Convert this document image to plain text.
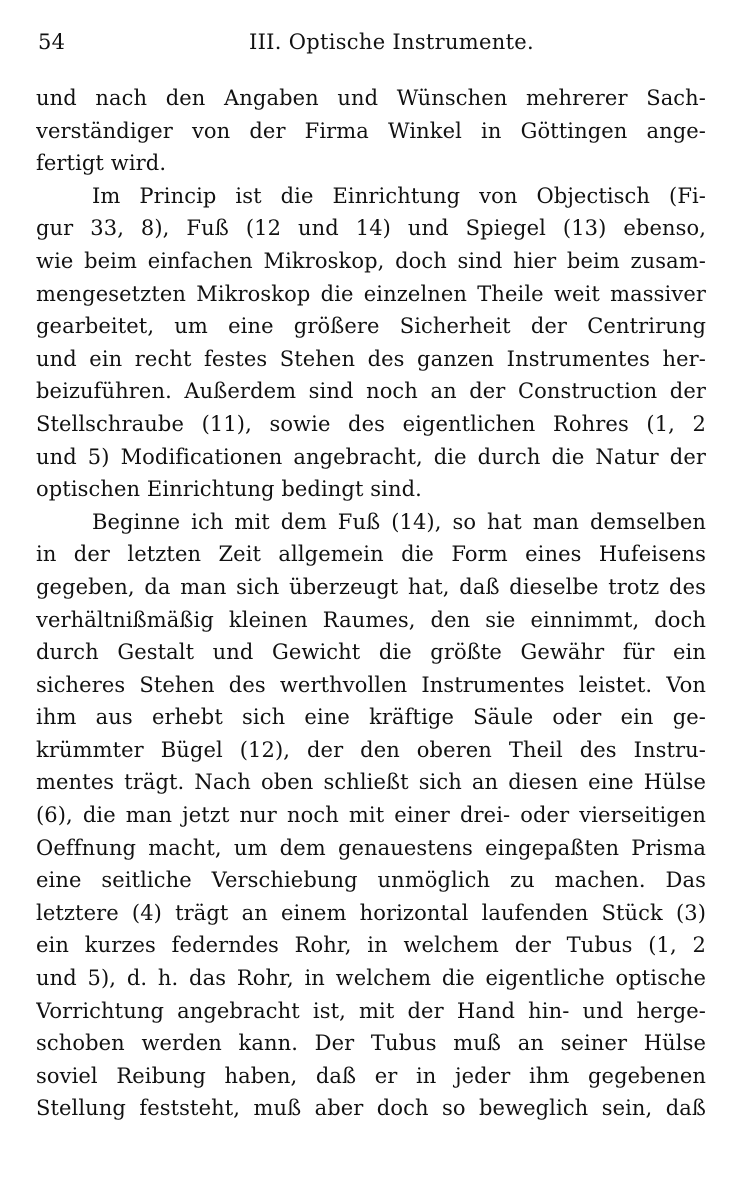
54	III. Optische Instrumente.
und nach den Angaben und Wünschen mehrerer Sach-
verständiger von der Firma Winkel in Göttingen ange-
fertigt wird.
Im Princip ist die Einrichtung von Objectisch (Fi-
gur 33, 8), Fuß (12 und 14) und Spiegel (13) ebenso,
wie beim einfachen Mikroskop, doch sind hier beim zusam-
mengesetzten Mikroskop die einzelnen Theile weit massiver
gearbeitet, um eine größere Sicherheit der Centrirung
und ein recht festes Stehen des ganzen Instrumentes her-
beizuführen. Außerdem sind noch an der Construction der
Stellschraube (11), sowie des eigentlichen Rohres (1, 2
und 5) Modificationen angebracht, die durch die Natur der
optischen Einrichtung bedingt sind.
Beginne ich mit dem Fuß (14), so hat man demselben
in der letzten Zeit allgemein die Form eines Hufeisens
gegeben, da man sich überzeugt hat, daß dieselbe trotz des
verhältnißmäßig kleinen Raumes, den sie einnimmt, doch
durch Gestalt und Gewicht die größte Gewähr für ein
sicheres Stehen des werthvollen Instrumentes leistet. Von
ihm aus erhebt sich eine kräftige Säule oder ein ge-
krümmter Bügel (12), der den oberen Theil des Instru-
mentes trägt. Nach oben schließt sich an diesen eine Hülse
(6), die man jetzt nur noch mit einer drei- oder vierseitigen
Oeffnung macht, um dem genauestens eingepaßten Prisma
eine seitliche Verschiebung unmöglich zu machen. Das
letztere (4) trägt an einem horizontal laufenden Stück (3)
ein kurzes federndes Rohr, in welchem der Tubus (1, 2
und 5), d. h. das Rohr, in welchem die eigentliche optische
Vorrichtung angebracht ist, mit der Hand hin- und herge-
schoben werden kann. Der Tubus muß an seiner Hülse
soviel Reibung haben, daß er in jeder ihm gegebenen
Stellung feststeht, muß aber doch so beweglich sein, daß
